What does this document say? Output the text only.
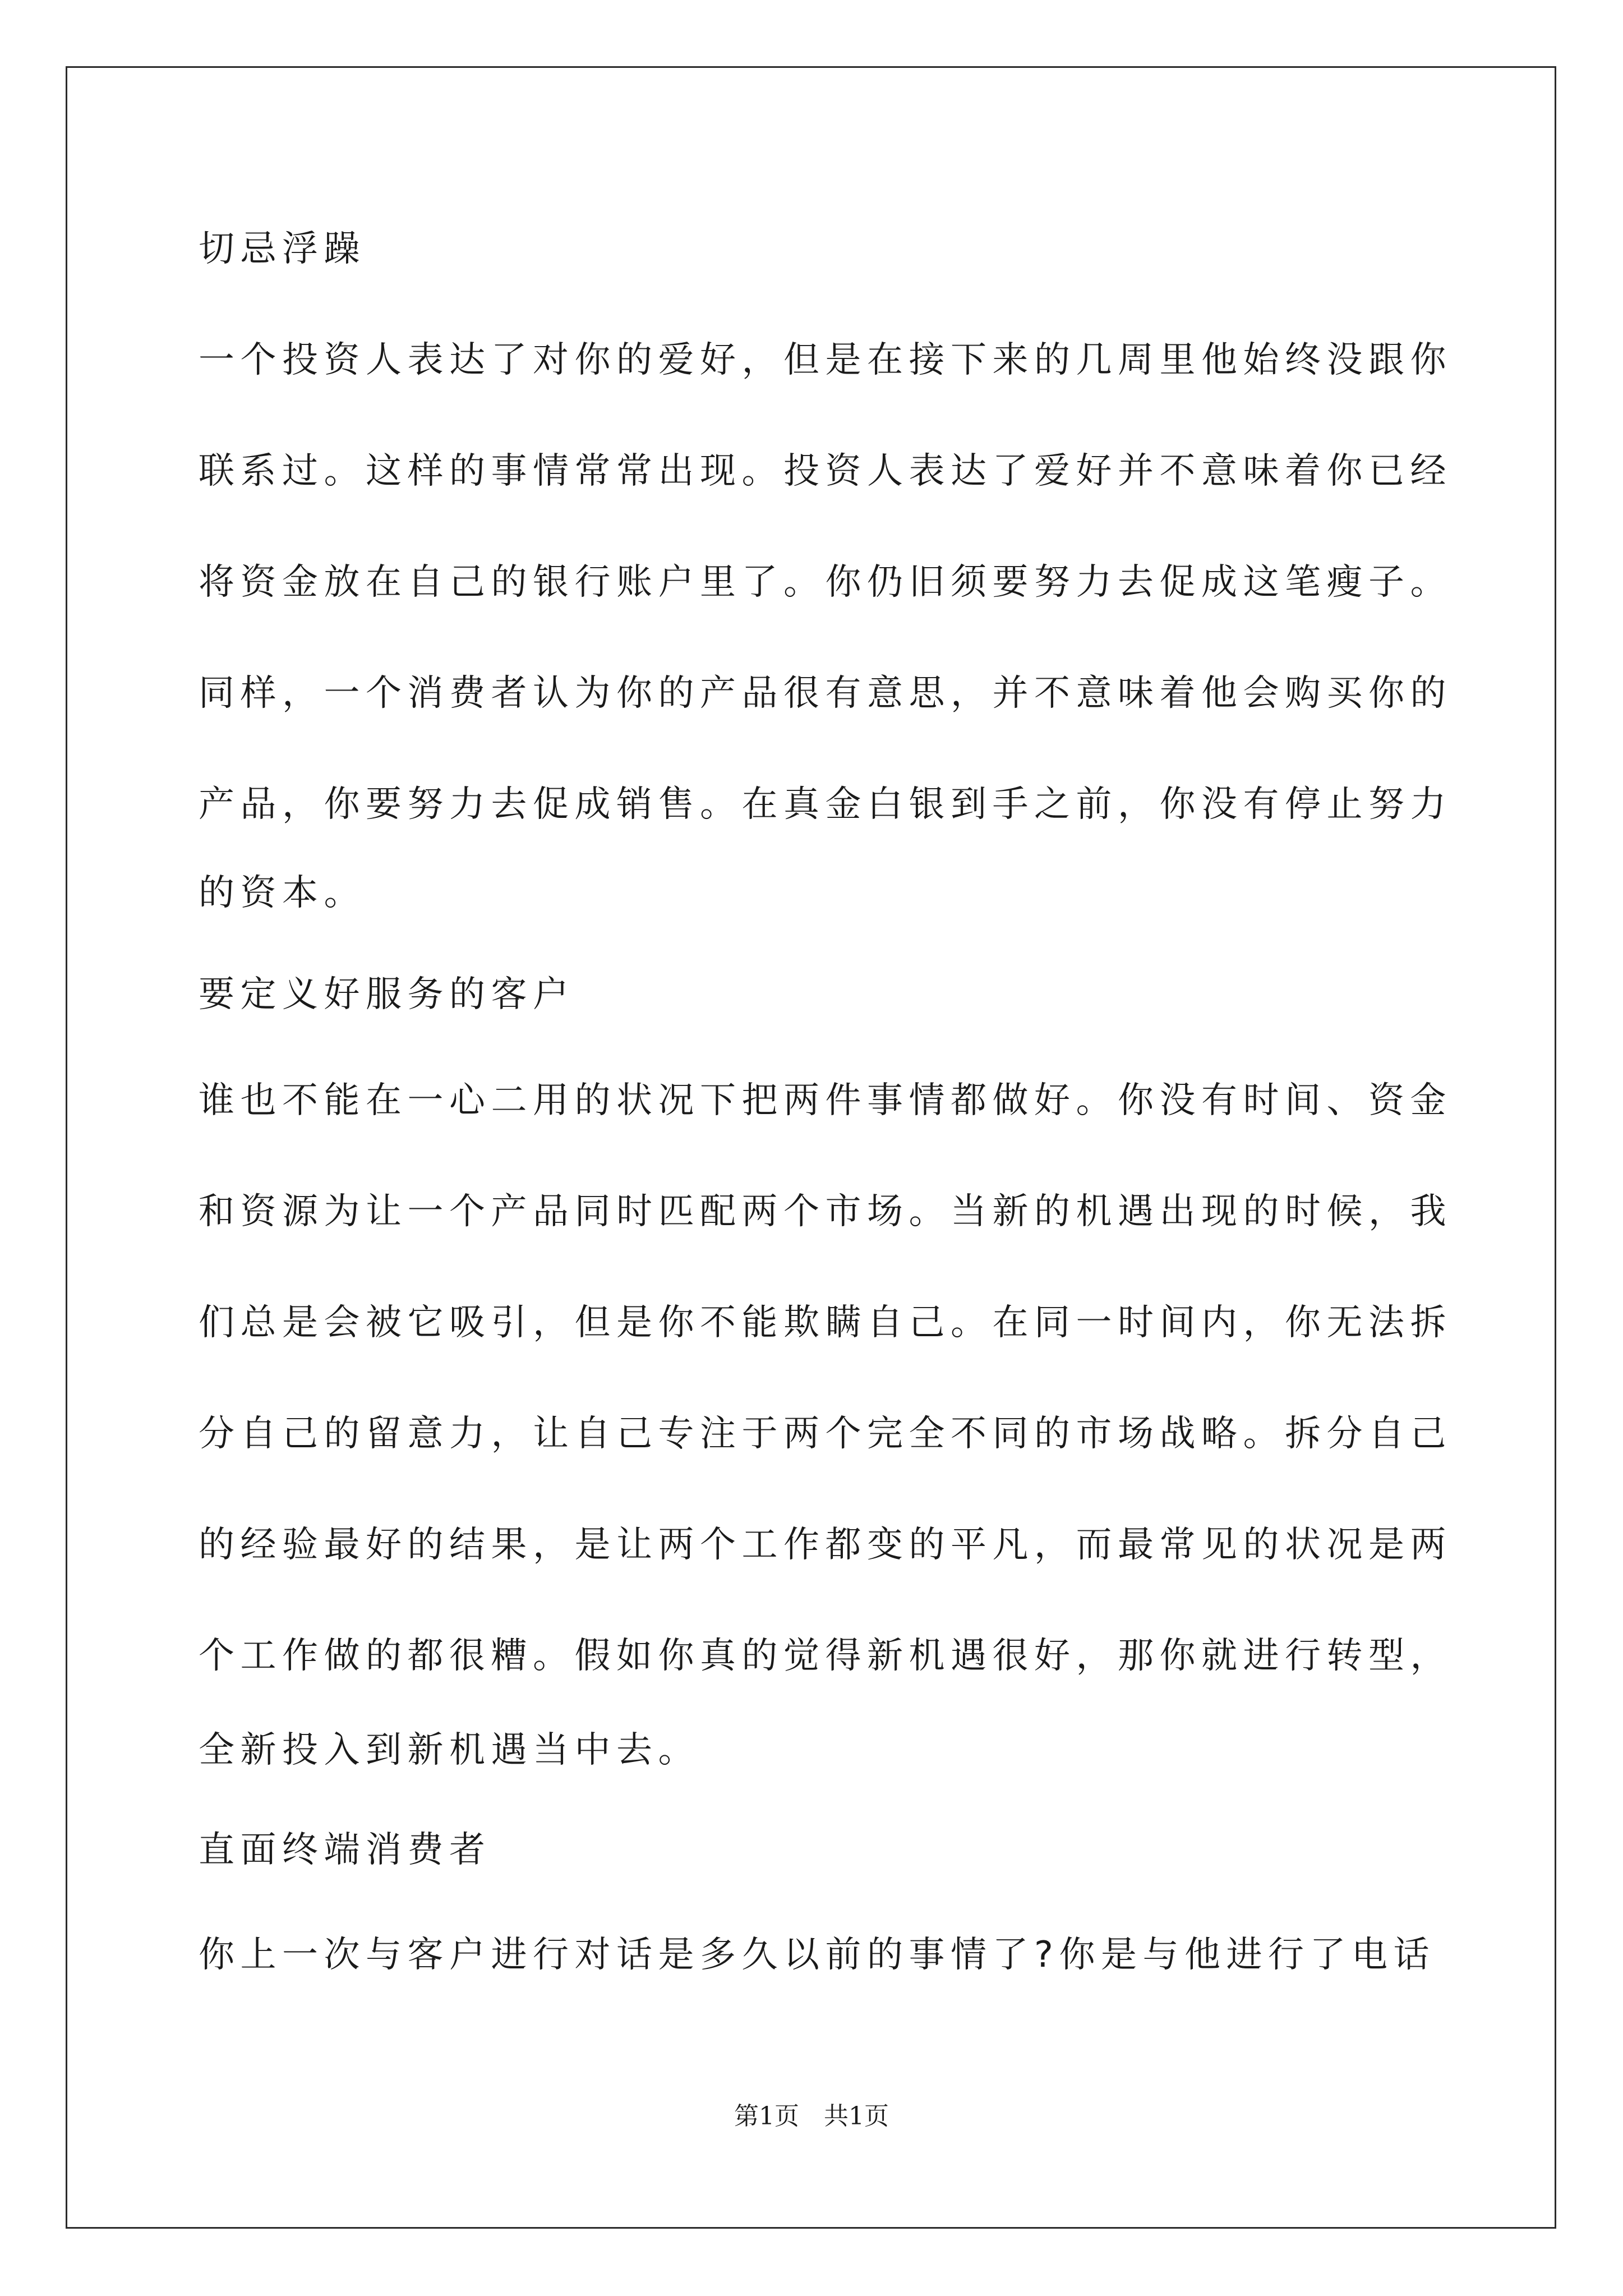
切忌浮躁
一个投资人表达了对你的爱好，但是在接下来的几周里他始终没跟你
联系过。这样的事情常常出现。投资人表达了爱好并不意味着你已经
将资金放在自己的银行账户里了。你仍旧须要努力去促成这笔瘦子。
同样，一个消费者认为你的产品很有意思，并不意味着他会购买你的
产品，你要努力去促成销售。在真金白银到手之前，你没有停止努力
的资本。
要定义好服务的客户
谁也不能在一心二用的状况下把两件事情都做好。你没有时间、资金
和资源为让一个产品同时匹配两个市场。当新的机遇出现的时候，我
们总是会被它吸引，但是你不能欺瞒自己。在同一时间内，你无法拆
分自己的留意力，让自己专注于两个完全不同的市场战略。拆分自己
的经验最好的结果，是让两个工作都变的平凡，而最常见的状况是两
个工作做的都很糟。假如你真的觉得新机遇很好，那你就进行转型，
全新投入到新机遇当中去。
直面终端消费者
你上一次与客户进行对话是多久以前的事情了?你是与他进行了电话
第1页　共1页
